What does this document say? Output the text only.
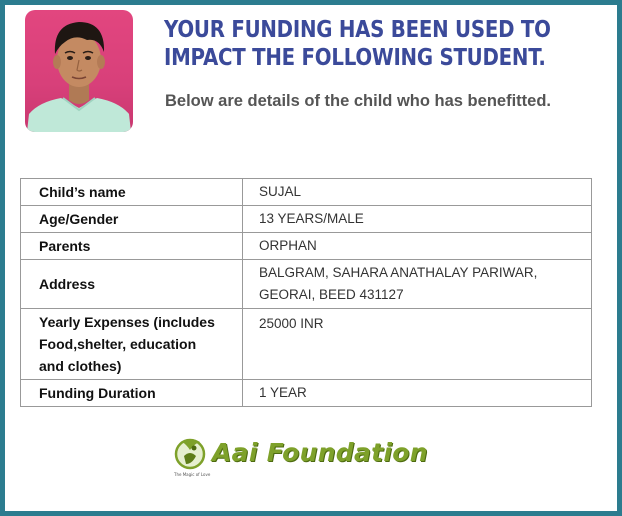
YOUR FUNDING HAS BEEN USED TO IMPACT THE FOLLOWING STUDENT.
Below are details of the child who has benefitted.
Child’s name	SUJAL
Age/Gender	13 YEARS/MALE
Parents	ORPHAN
Address	BALGRAM, SAHARA ANATHALAY PARIWAR,
GEORAI, BEED 431127

Yearly Expenses (includes
Food,shelter, education
and clothes)	25000 INR

Funding Duration	1 YEAR
The Magic of Love
Aai Foundation
